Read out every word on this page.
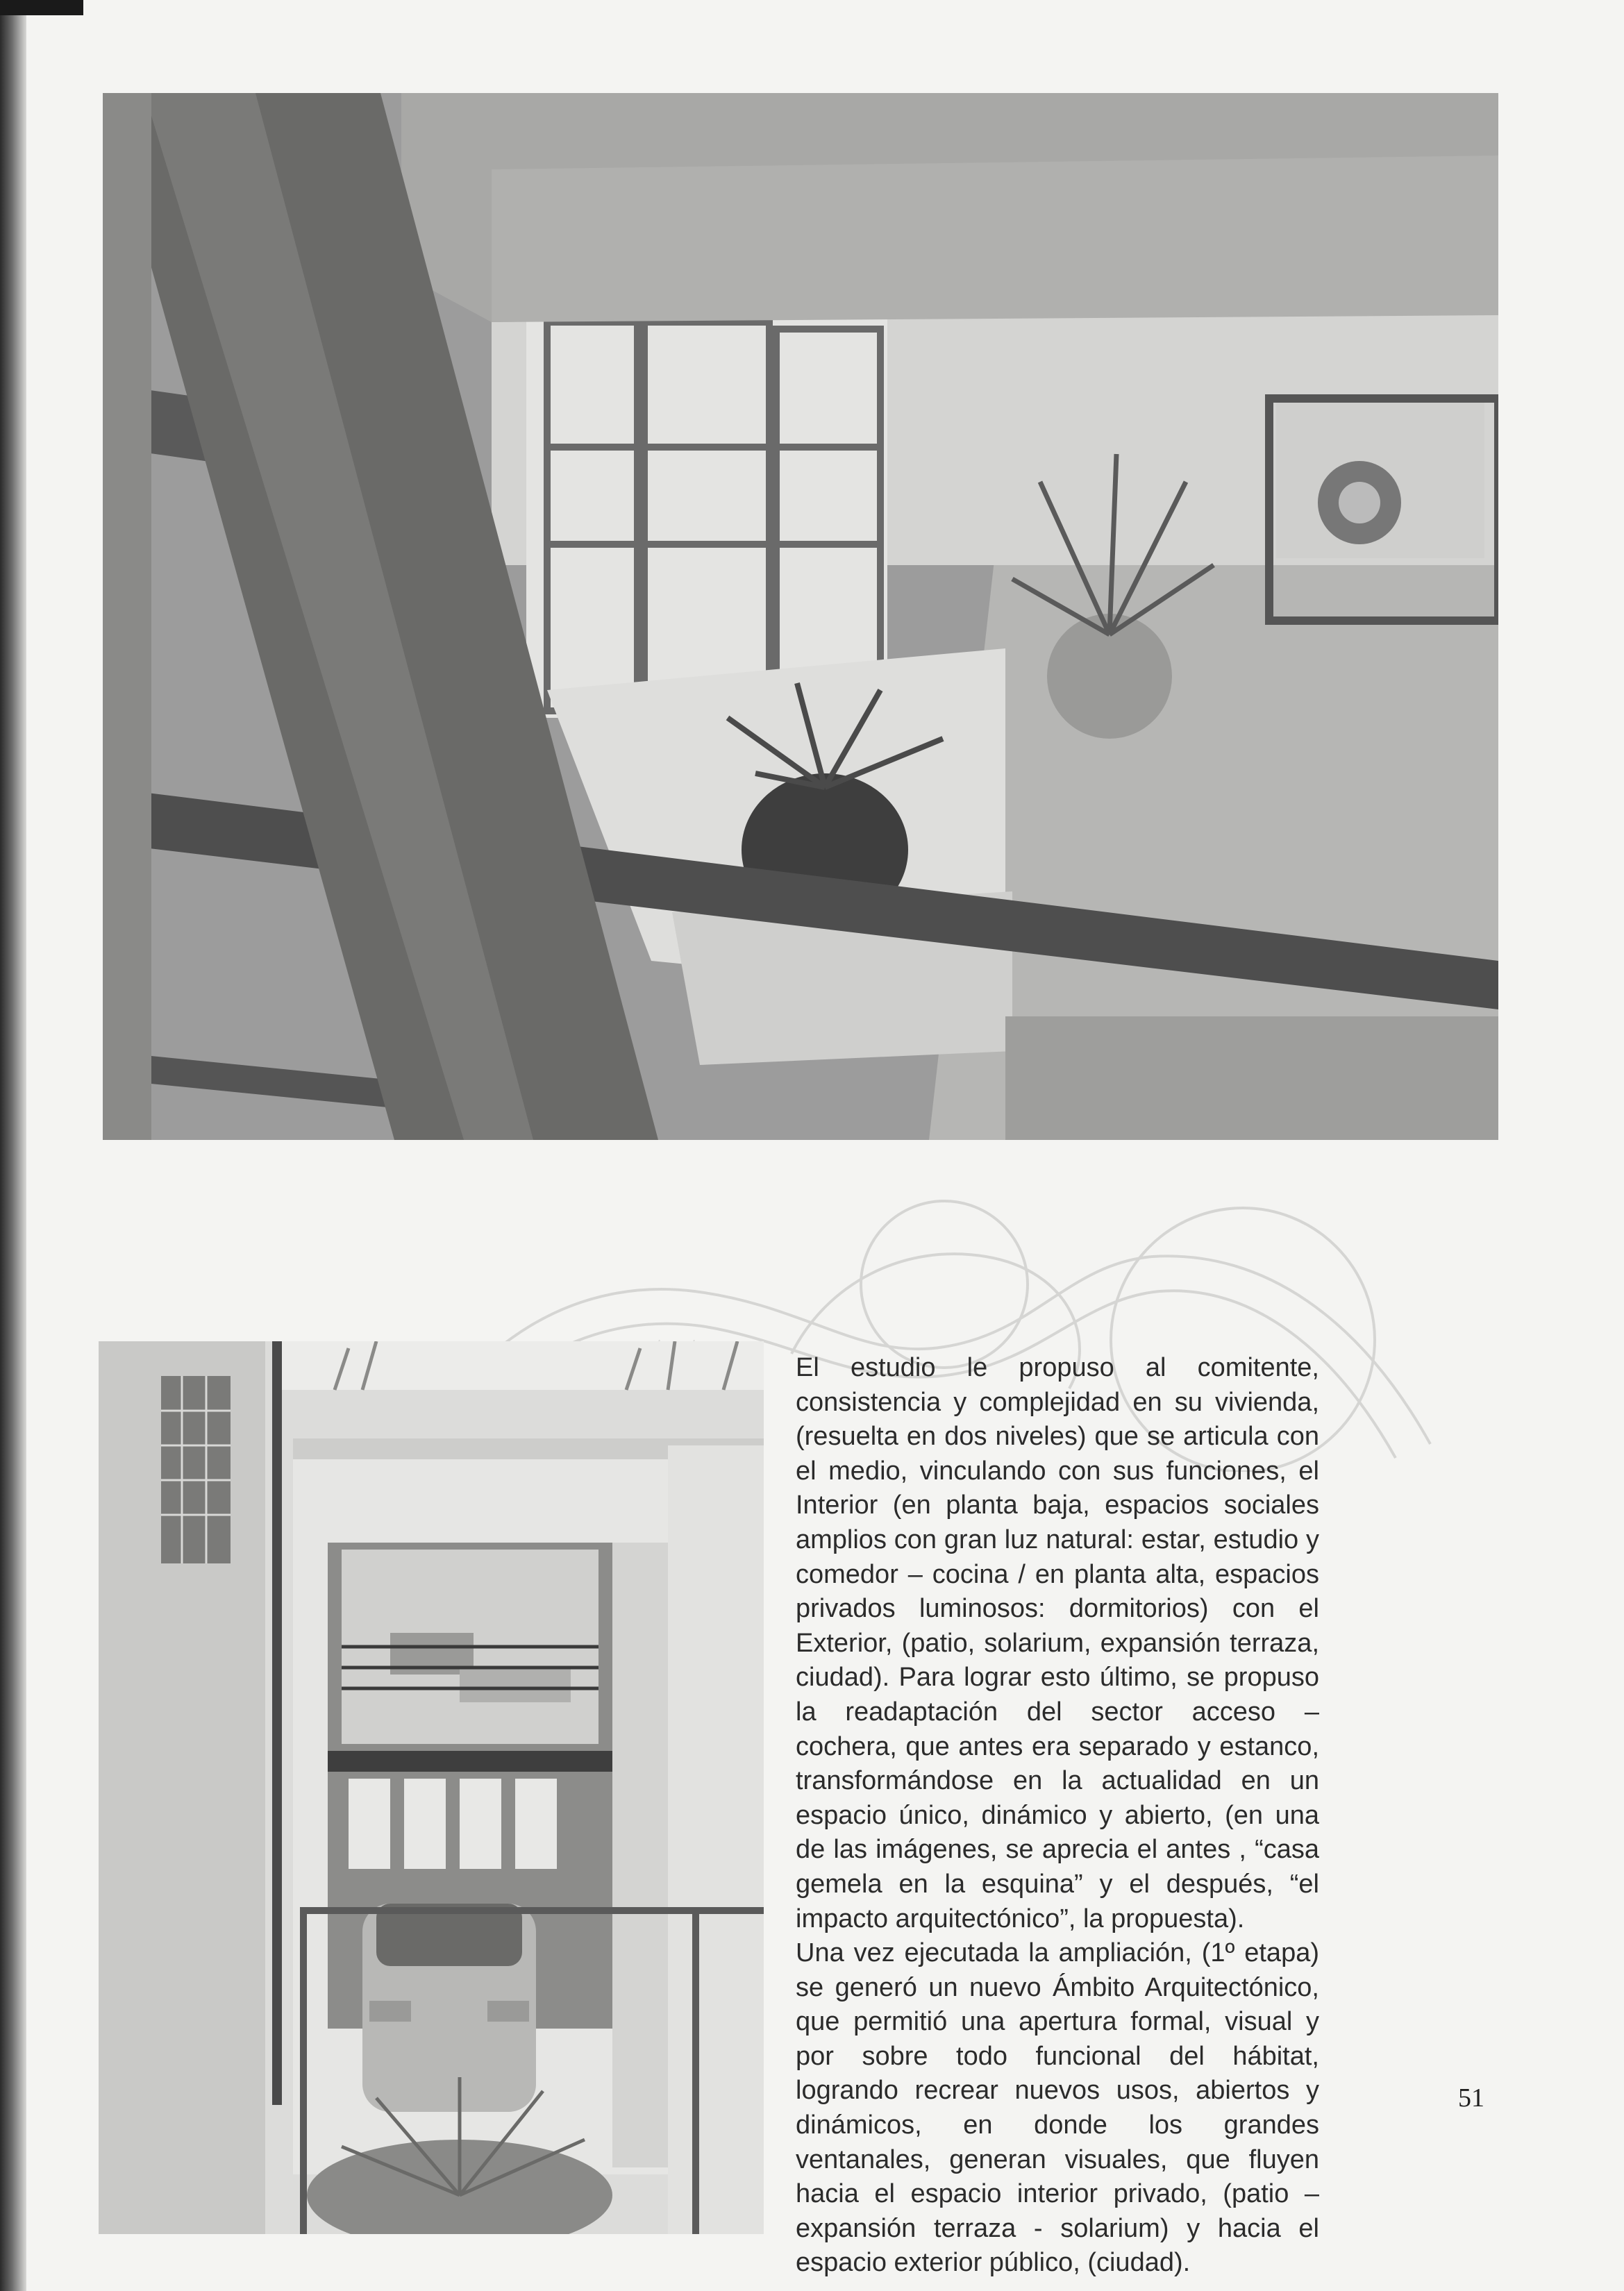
El estudio le propuso al comitente, consistencia y complejidad en su vivienda, (resuelta en dos niveles) que se articula con el medio, vinculando con sus funciones, el Interior (en planta baja, espacios sociales amplios con gran luz natural: estar, estudio y comedor – cocina / en planta alta, espacios privados luminosos: dormitorios) con el Exterior, (patio, solarium, expansión terraza, ciudad). Para lograr esto último, se propuso la readaptación del sector acceso – cochera, que antes era separado y estanco, transformándose en la actualidad en un espacio único, dinámico y abierto, (en una de las imágenes, se aprecia el antes , “casa gemela en la esquina” y el después, “el impacto arquitectónico”, la propuesta).

Una vez ejecutada la ampliación, (1º etapa) se generó un nuevo Ámbito Arquitectónico, que permitió una apertura formal, visual y por sobre todo funcional del hábitat, logrando recrear nuevos usos, abiertos y dinámicos, en donde los grandes ventanales, generan visuales, que fluyen hacia el espacio interior privado, (patio – expansión terraza - solarium) y hacia el espacio exterior público, (ciudad).

51
